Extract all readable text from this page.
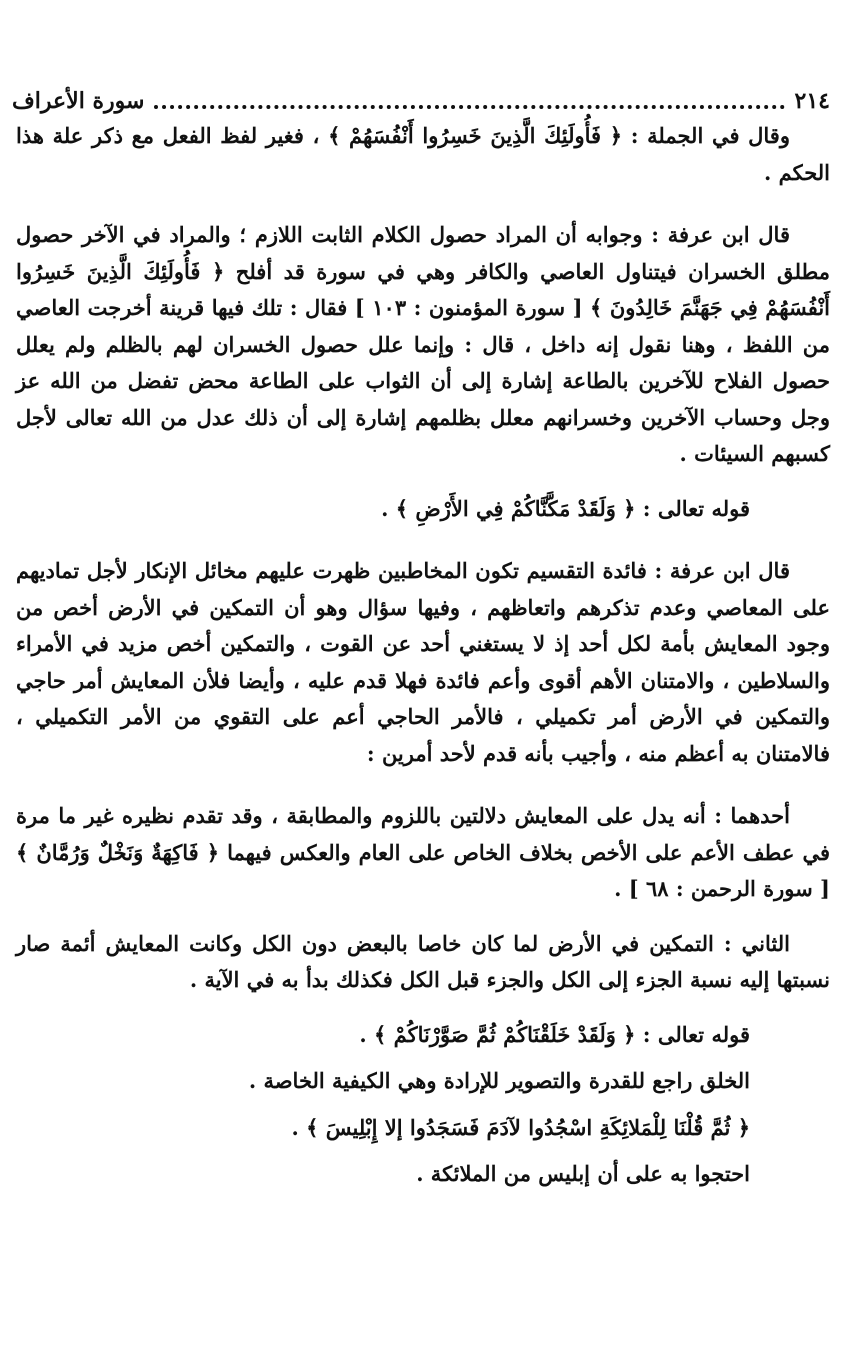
٢١٤
سورة الأعراف

وقال في الجملة : ﴿ فَأُولَئِكَ الَّذِينَ خَسِرُوا أَنْفُسَهُمْ ﴾ ، فغير لفظ الفعل مع ذكر علة هذا الحكم .

قال ابن عرفة : وجوابه أن المراد حصول الكلام الثابت اللازم ؛ والمراد في الآخر حصول مطلق الخسران فيتناول العاصي والكافر وهي في سورة قد أفلح ﴿ فَأُولَئِكَ الَّذِينَ خَسِرُوا أَنْفُسَهُمْ فِي جَهَنَّمَ خَالِدُونَ ﴾ [ سورة المؤمنون : ١٠٣ ] فقال : تلك فيها قرينة أخرجت العاصي من اللفظ ، وهنا نقول إنه داخل ، قال : وإنما علل حصول الخسران لهم بالظلم ولم يعلل حصول الفلاح للآخرين بالطاعة إشارة إلى أن الثواب على الطاعة محض تفضل من الله عز وجل وحساب الآخرين وخسرانهم معلل بظلمهم إشارة إلى أن ذلك عدل من الله تعالى لأجل كسبهم السيئات .

قوله تعالى : ﴿ وَلَقَدْ مَكَّنَّاكُمْ فِي الأَرْضِ ﴾ .

قال ابن عرفة : فائدة التقسيم تكون المخاطبين ظهرت عليهم مخائل الإنكار لأجل تماديهم على المعاصي وعدم تذكرهم واتعاظهم ، وفيها سؤال وهو أن التمكين في الأرض أخص من وجود المعايش بأمة لكل أحد إذ لا يستغني أحد عن القوت ، والتمكين أخص مزيد في الأمراء والسلاطين ، والامتنان الأهم أقوى وأعم فائدة فهلا قدم عليه ، وأيضا فلأن المعايش أمر حاجي والتمكين في الأرض أمر تكميلي ، فالأمر الحاجي أعم على التقوي من الأمر التكميلي ، فالامتنان به أعظم منه ، وأجيب بأنه قدم لأحد أمرين :

أحدهما : أنه يدل على المعايش دلالتين باللزوم والمطابقة ، وقد تقدم نظيره غير ما مرة في عطف الأعم على الأخص بخلاف الخاص على العام والعكس فيهما ﴿ فَاكِهَةٌ وَنَخْلٌ وَرُمَّانٌ ﴾ [ سورة الرحمن : ٦٨ ] .

الثاني : التمكين في الأرض لما كان خاصا بالبعض دون الكل وكانت المعايش أئمة صار نسبتها إليه نسبة الجزء إلى الكل والجزء قبل الكل فكذلك بدأ به في الآية .

قوله تعالى : ﴿ وَلَقَدْ خَلَقْنَاكُمْ ثُمَّ صَوَّرْنَاكُمْ ﴾ .

الخلق راجع للقدرة والتصوير للإرادة وهي الكيفية الخاصة .

﴿ ثُمَّ قُلْنَا لِلْمَلائِكَةِ اسْجُدُوا لآدَمَ فَسَجَدُوا إلا إِبْلِيسَ ﴾ .

احتجوا به على أن إبليس من الملائكة .
